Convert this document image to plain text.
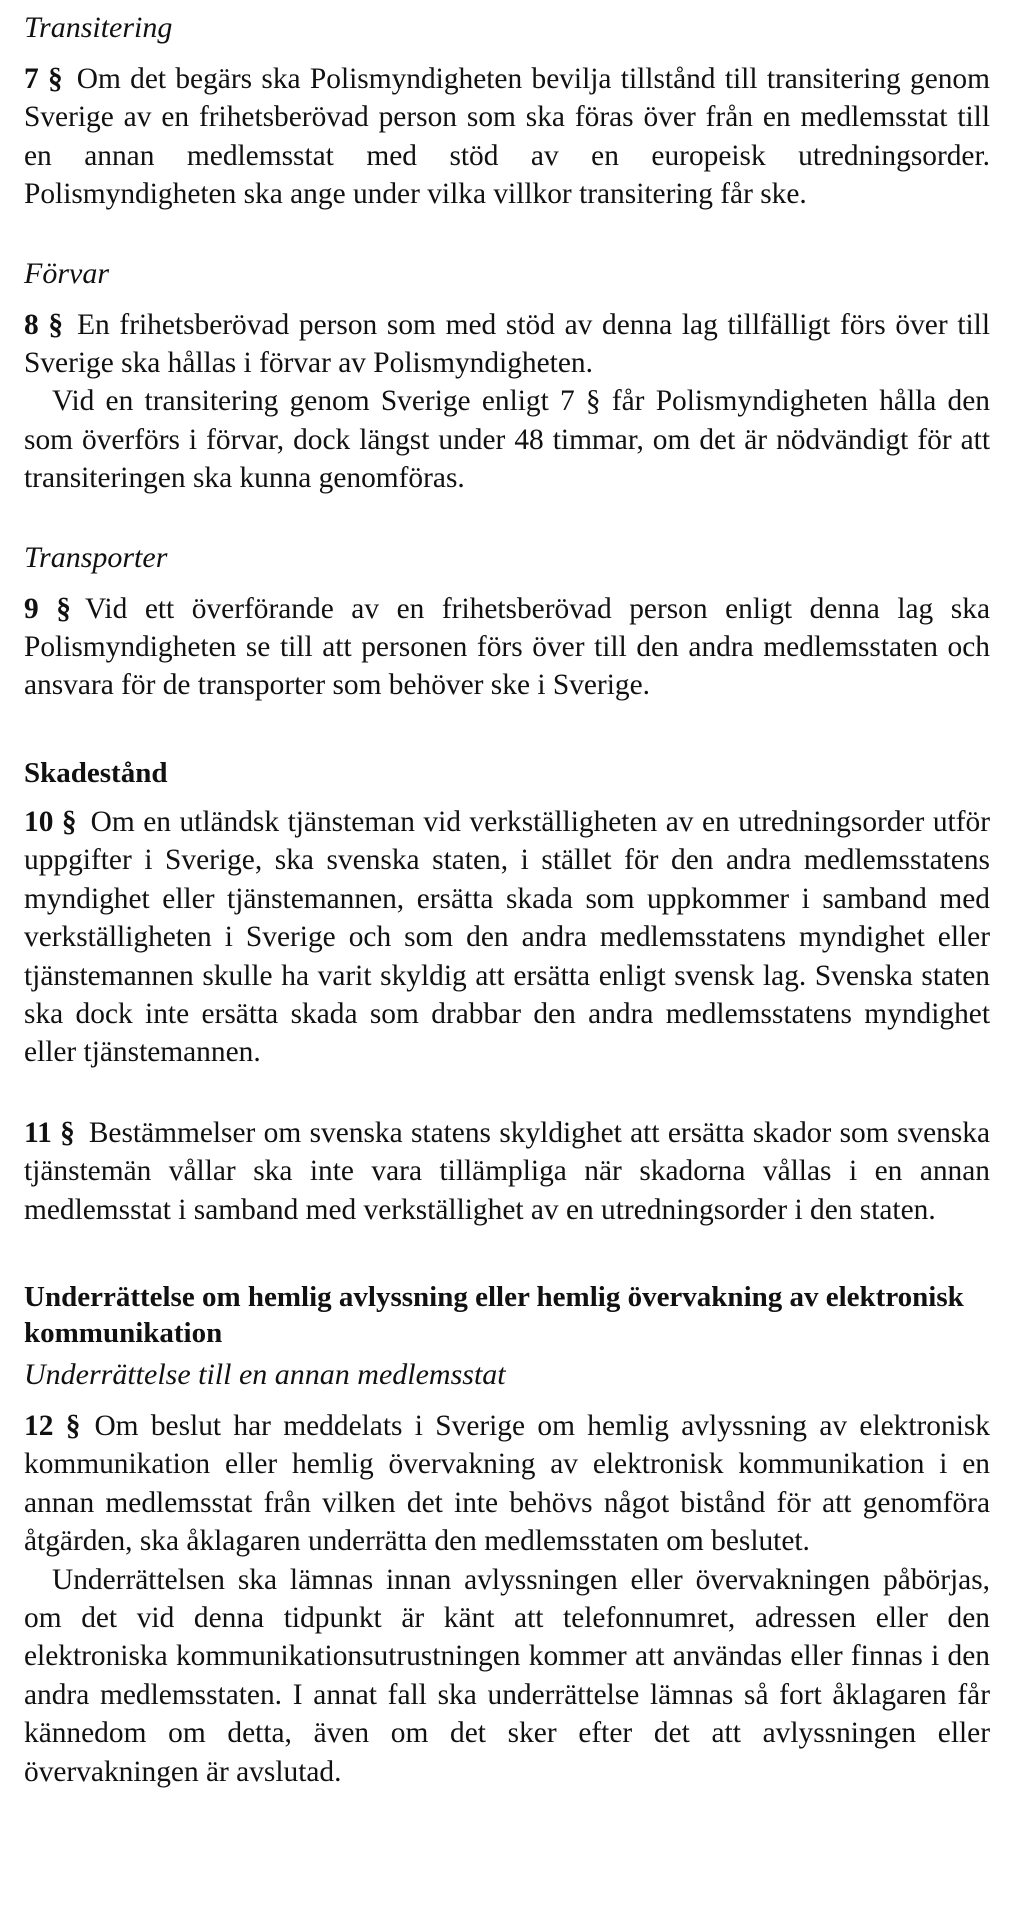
Transitering

7 § Om det begärs ska Polismyndigheten bevilja tillstånd till transitering genom Sverige av en frihetsberövad person som ska föras över från en medlemsstat till en annan medlemsstat med stöd av en europeisk utredningsorder. Polismyndigheten ska ange under vilka villkor transitering får ske.

Förvar

8 § En frihetsberövad person som med stöd av denna lag tillfälligt förs över till Sverige ska hållas i förvar av Polismyndigheten.

Vid en transitering genom Sverige enligt 7 § får Polismyndigheten hålla den som överförs i förvar, dock längst under 48 timmar, om det är nödvändigt för att transiteringen ska kunna genomföras.

Transporter

9 § Vid ett överförande av en frihetsberövad person enligt denna lag ska Polismyndigheten se till att personen förs över till den andra medlemsstaten och ansvara för de transporter som behöver ske i Sverige.

Skadestånd

10 § Om en utländsk tjänsteman vid verkställigheten av en utredningsorder utför uppgifter i Sverige, ska svenska staten, i stället för den andra medlemsstatens myndighet eller tjänstemannen, ersätta skada som uppkommer i samband med verkställigheten i Sverige och som den andra medlemsstatens myndighet eller tjänstemannen skulle ha varit skyldig att ersätta enligt svensk lag. Svenska staten ska dock inte ersätta skada som drabbar den andra medlemsstatens myndighet eller tjänstemannen.

11 § Bestämmelser om svenska statens skyldighet att ersätta skador som svenska tjänstemän vållar ska inte vara tillämpliga när skadorna vållas i en annan medlemsstat i samband med verkställighet av en utredningsorder i den staten.

Underrättelse om hemlig avlyssning eller hemlig övervakning av elektronisk kommunikation
Underrättelse till en annan medlemsstat

12 § Om beslut har meddelats i Sverige om hemlig avlyssning av elektronisk kommunikation eller hemlig övervakning av elektronisk kommunikation i en annan medlemsstat från vilken det inte behövs något bistånd för att genomföra åtgärden, ska åklagaren underrätta den medlemsstaten om beslutet.

Underrättelsen ska lämnas innan avlyssningen eller övervakningen påbörjas, om det vid denna tidpunkt är känt att telefonnumret, adressen eller den elektroniska kommunikationsutrustningen kommer att användas eller finnas i den andra medlemsstaten. I annat fall ska underrättelse lämnas så fort åklagaren får kännedom om detta, även om det sker efter det att avlyssningen eller övervakningen är avslutad.
